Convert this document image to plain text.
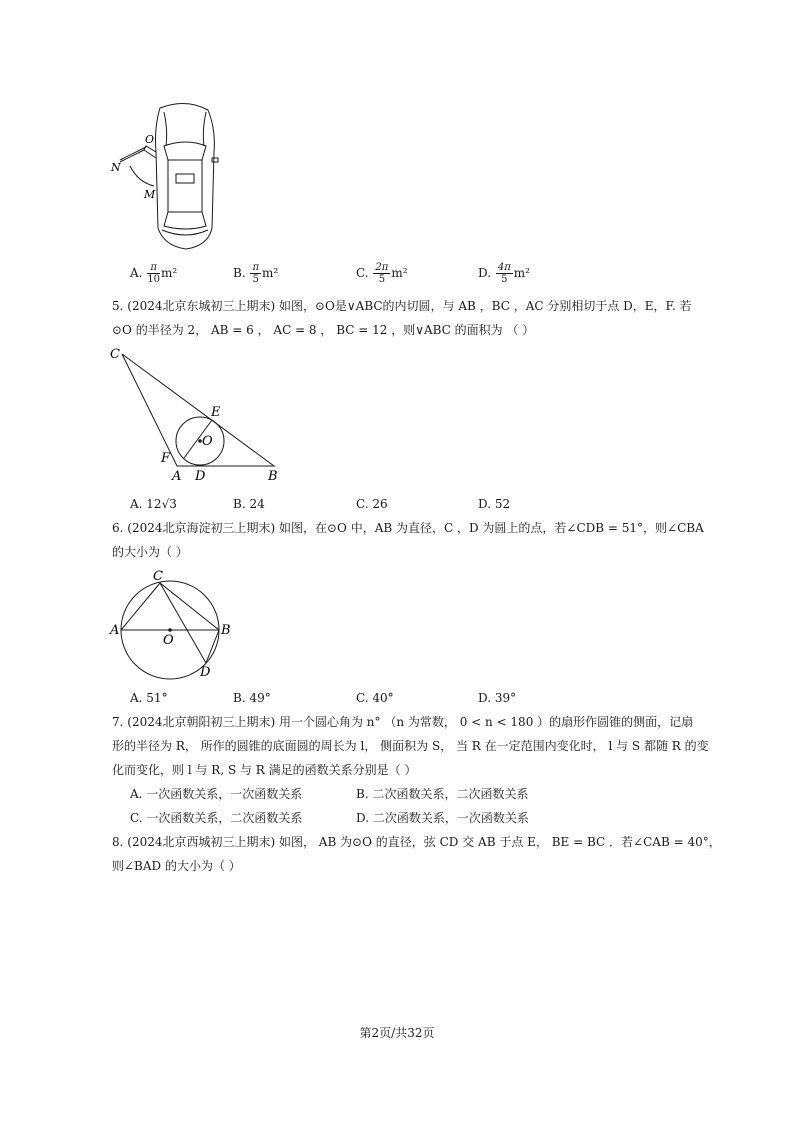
O
N
M
A. $\frac{\pi}{10} m^2$	B. $\frac{\pi}{5} m^2$	C. $\frac{2\pi}{5} m^2$	D. $\frac{4\pi}{5} m^2$
5. (2024北京东城初三上期末) 如图，⊙O是∨ABC的内切圆，与 AB ，BC ，AC 分别相切于点 D，E，F. 若
⊙O 的半径为 2， AB = 6 ， AC = 8 ， BC = 12 ，则∨ABC 的面积为 （ ）
C
E
O
F
A D	B
A. 12√3	B. 24	C. 26	D. 52
6. (2024北京海淀初三上期末) 如图，在⊙O 中，AB 为直径，C ，D 为圆上的点，若∠CDB = 51°，则∠CBA
的大小为（ ）
C
A
O
B
D
A. 51°	B. 49°	C. 40°	D. 39°
7. (2024北京朝阳初三上期末) 用一个圆心角为 n° （n 为常数， 0 < n < 180 ）的扇形作圆锥的侧面，记扇
形的半径为 R， 所作的圆锥的底面圆的周长为 l， 侧面积为 S， 当 R 在一定范围内变化时， l 与 S 都随 R 的变
化而变化，则 l 与 R, S 与 R 满足的函数关系分别是（ ）
A. 一次函数关系，一次函数关系	B. 二次函数关系，二次函数关系
C. 一次函数关系，二次函数关系	D. 二次函数关系，一次函数关系
8. (2024北京西城初三上期末) 如图， AB 为⊙O 的直径，弦 CD 交 AB 于点 E， BE = BC ．若∠CAB = 40°，
则∠BAD 的大小为（ ）
第2页/共32页
